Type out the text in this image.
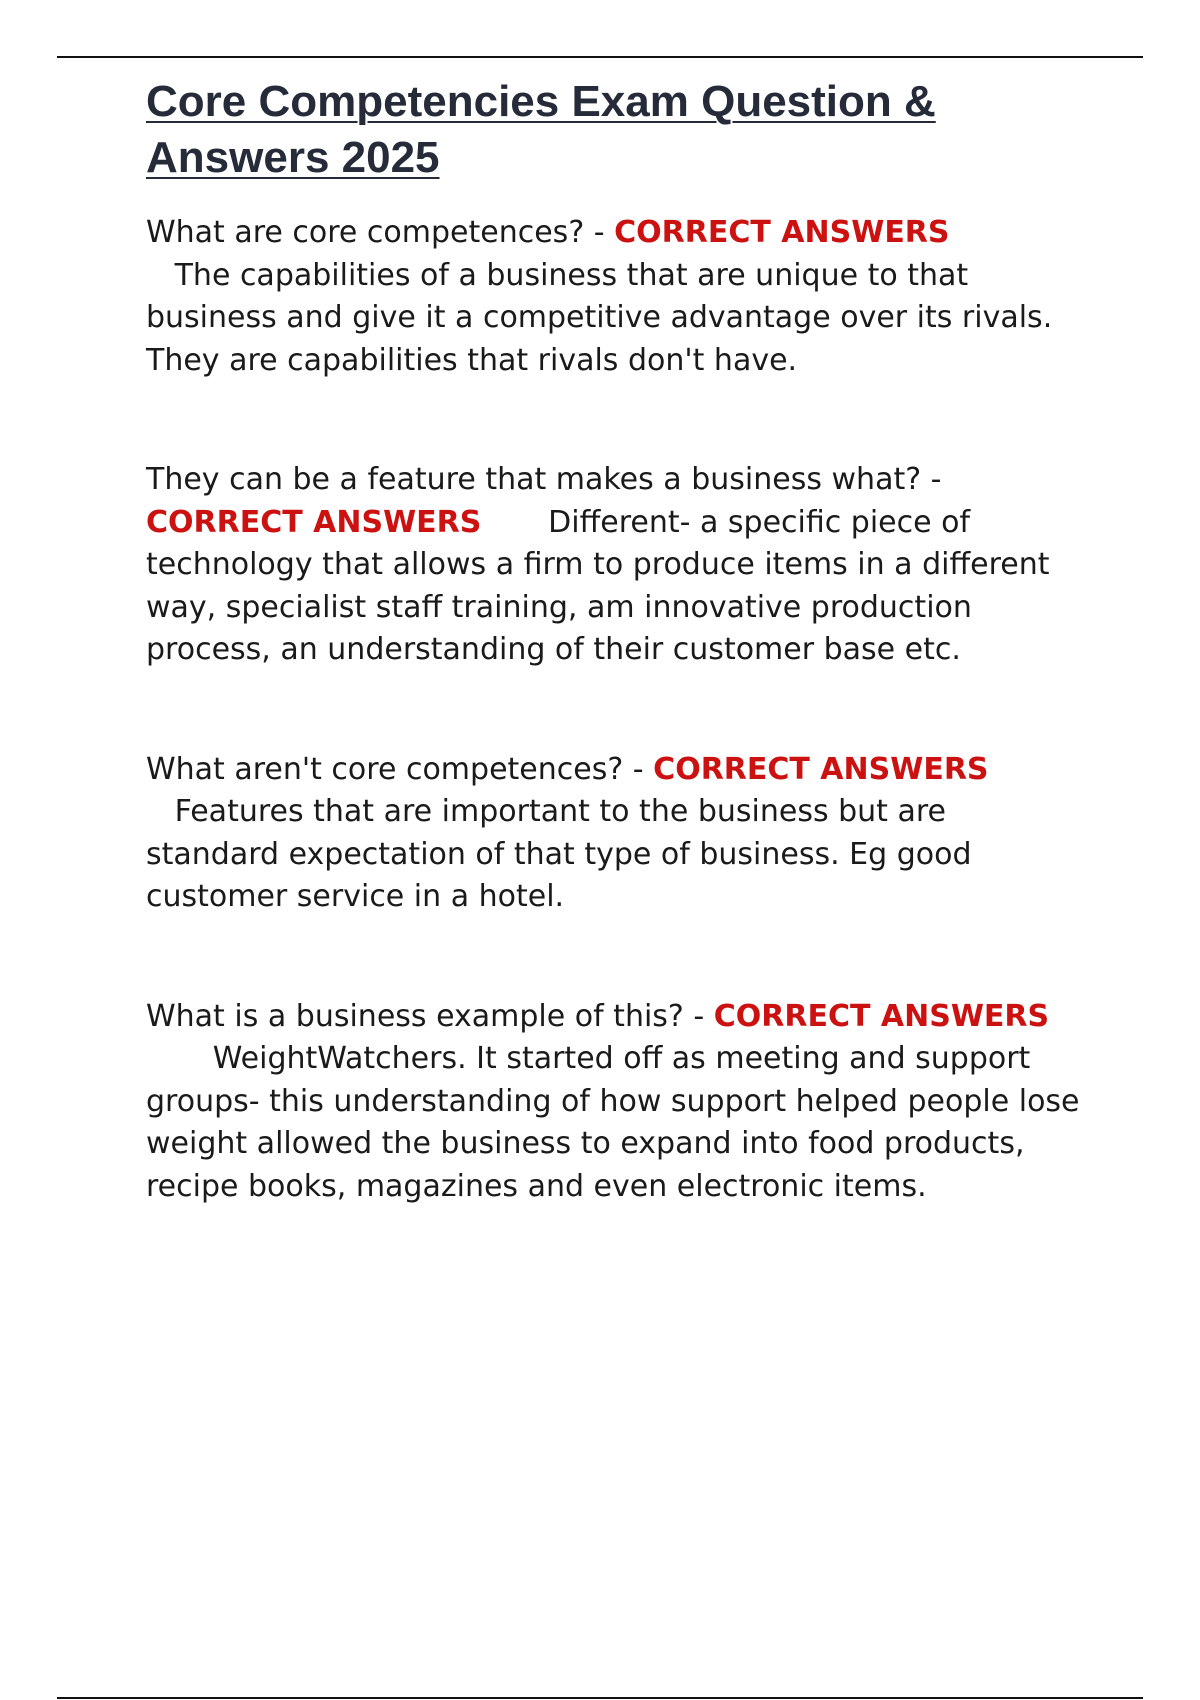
Core Competencies Exam Question & Answers 2025

What are core competences? - CORRECT ANSWERS
The capabilities of a business that are unique to that business and give it a competitive advantage over its rivals. They are capabilities that rivals don't have.

They can be a feature that makes a business what? - CORRECT ANSWERS Different- a specific piece of technology that allows a firm to produce items in a different way, specialist staff training, am innovative production process, an understanding of their customer base etc.

What aren't core competences? - CORRECT ANSWERS
Features that are important to the business but are standard expectation of that type of business. Eg good customer service in a hotel.

What is a business example of this? - CORRECT ANSWERS       WeightWatchers. It started off as meeting and support groups- this understanding of how support helped people lose weight allowed the business to expand into food products, recipe books, magazines and even electronic items.
